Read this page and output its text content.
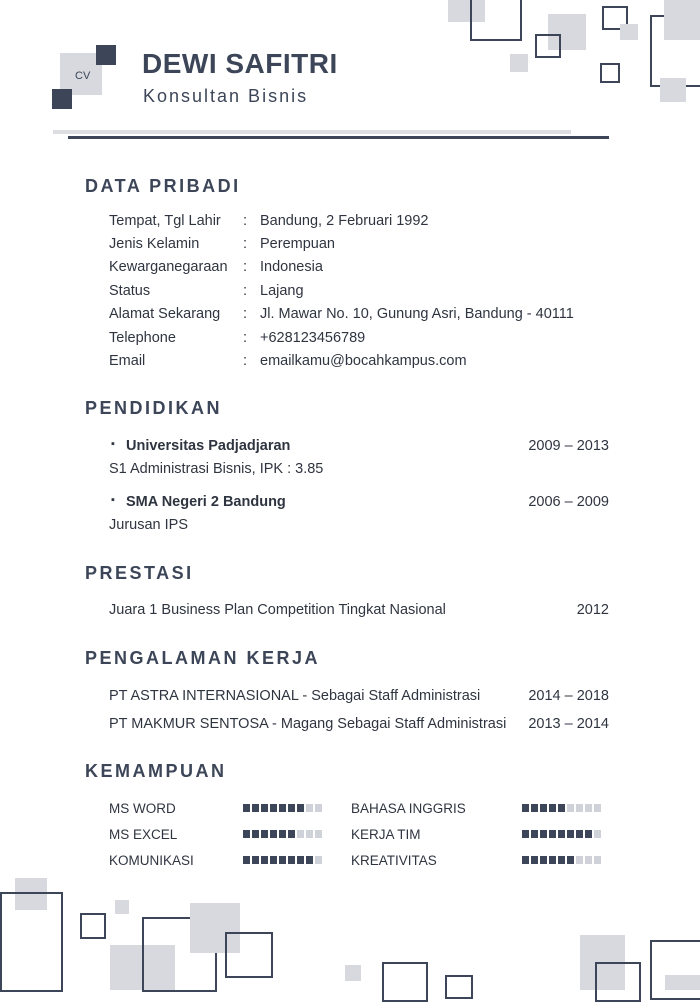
CV DEWI SAFITRI
Konsultan Bisnis
DATA PRIBADI
Tempat, Tgl Lahir : Bandung, 2 Februari 1992
Jenis Kelamin	: Perempuan
Kewarganegaraan : Indonesia
Status	: Lajang
Alamat Sekarang : Jl. Mawar No. 10, Gunung Asri, Bandung - 40111
Telephone	: +628123456789
Email	: emailkamu@bocahkampus.com
PENDIDIKAN
▪ Universitas Padjadjaran	2009 – 2013
S1 Administrasi Bisnis, IPK : 3.85
▪ SMA Negeri 2 Bandung	2006 – 2009
Jurusan IPS
PRESTASI
Juara 1 Business Plan Competition Tingkat Nasional	2012
PENGALAMAN KERJA
PT ASTRA INTERNASIONAL - Sebagai Staff Administrasi	2014 – 2018
PT MAKMUR SENTOSA - Magang Sebagai Staff Administrasi	2013 – 2014
KEMAMPUAN
MS WORD	BAHASA INGGRIS
MS EXCEL	KERJA TIM
KOMUNIKASI	KREATIVITAS
